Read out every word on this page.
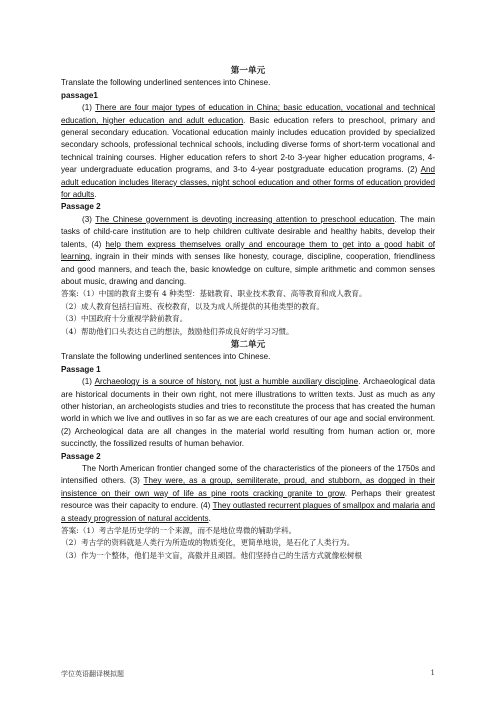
第一单元
Translate the following underlined sentences into Chinese.
passage1

(1) There are four major types of education in China; basic education, vocational and technical education, higher education and adult education. Basic education refers to preschool, primary and general secondary education. Vocational education mainly includes education provided by specialized secondary schools, professional technical schools, including diverse forms of short-term vocational and technical training courses. Higher education refers to short 2-to 3-year higher education programs, 4-year undergraduate education programs, and 3-to 4-year postgraduate education programs. (2) And adult education includes literacy classes, night school education and other forms of education provided for adults.

Passage 2

(3) The Chinese government is devoting increasing attention to preschool education. The main tasks of child-care institution are to help children cultivate desirable and healthy habits, develop their talents, (4) help them express themselves orally and encourage them to get into a good habit of learning, ingrain in their minds with senses like honesty, courage, discipline, cooperation, friendliness and good manners, and teach the, basic knowledge on culture, simple arithmetic and common senses about music, drawing and dancing.

答案:（1）中国的教育主要有 4 种类型：基础教育、职业技术教育、高等教育和成人教育。
（2）成人教育包括扫盲班、夜校教育，以及为成人所提供的其他类型的教育。
（3）中国政府十分重视学龄前教育。
（4）帮助他们口头表达自己的想法，鼓励他们养成良好的学习习惯。
第二单元
Translate the following underlined sentences into Chinese.
Passage 1

(1) Archaeology is a source of history, not just a humble auxiliary discipline. Archaeological data are historical documents in their own right, not mere illustrations to written texts. Just as much as any other historian, an archeologists studies and tries to reconstitute the process that has created the human world in which we live and outlives in so far as we are each creatures of our age and social environment. (2) Archeological data are all changes in the material world resulting from human action or, more succinctly, the fossilized results of human behavior.

Passage 2

The North American frontier changed some of the characteristics of the pioneers of the 1750s and intensified others. (3) They were, as a group, semiliterate, proud, and stubborn, as dogged in their insistence on their own way of life as pine roots cracking granite to grow. Perhaps their greatest resource was their capacity to endure. (4) They outlasted recurrent plagues of smallpox and malaria and a steady progression of natural accidents.

答案:（1）考古学是历史学的一个来源，而不是地位卑微的辅助学科。
（2）考古学的资料就是人类行为所造成的物质变化，更简单地说，是石化了人类行为。
（3）作为一个整体，他们是半文盲，高傲并且顽固。他们坚持自己的生活方式就像松树根
学位英语翻译模拟题	1
